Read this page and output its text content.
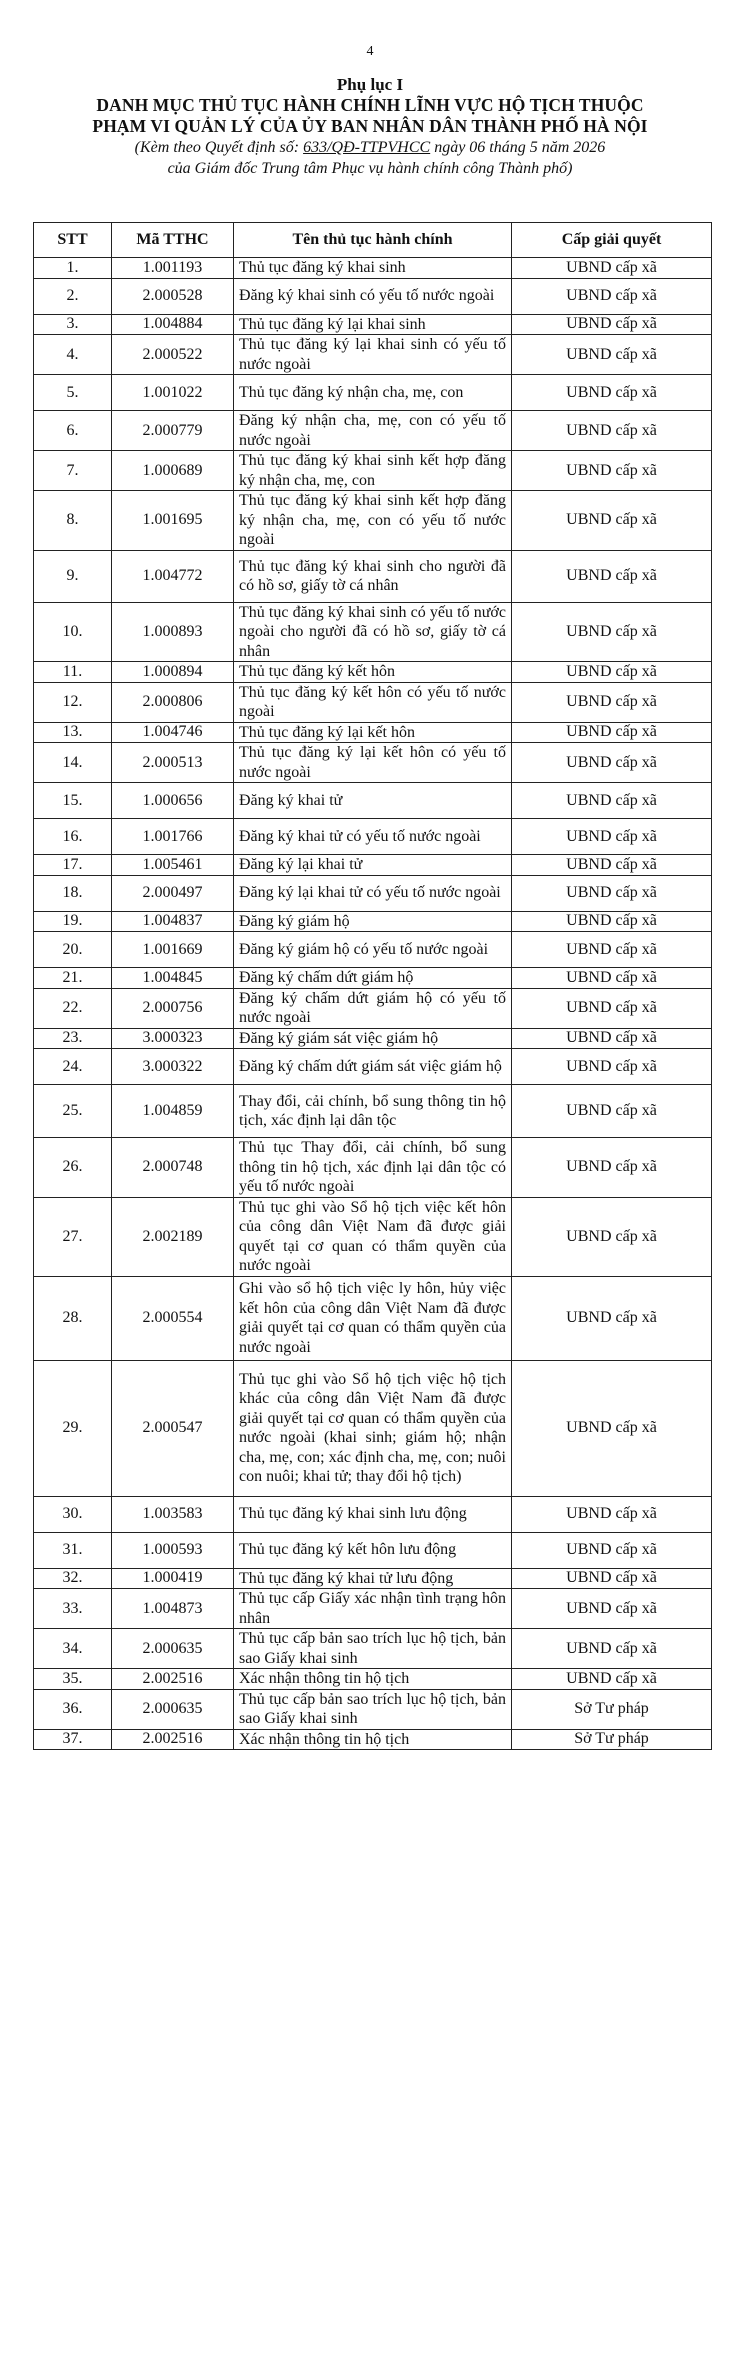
4
Phụ lục I
DANH MỤC THỦ TỤC HÀNH CHÍNH LĨNH VỰC HỘ TỊCH THUỘC
PHẠM VI QUẢN LÝ CỦA ỦY BAN NHÂN DÂN THÀNH PHỐ HÀ NỘI
(Kèm theo Quyết định số: 633/QĐ-TTPVHCC ngày 06 tháng 5 năm 2026
của Giám đốc Trung tâm Phục vụ hành chính công Thành phố)
STT	Mã TTHC	Tên thủ tục hành chính	Cấp giải quyết
1.	1.001193	Thủ tục đăng ký khai sinh	UBND cấp xã
2.	2.000528	Đăng ký khai sinh có yếu tố nước ngoài	UBND cấp xã
3.	1.004884	Thủ tục đăng ký lại khai sinh	UBND cấp xã
4.	2.000522	Thủ tục đăng ký lại khai sinh có yếu tố nước ngoài	UBND cấp xã
5.	1.001022	Thủ tục đăng ký nhận cha, mẹ, con	UBND cấp xã
6.	2.000779	Đăng ký nhận cha, mẹ, con có yếu tố nước ngoài	UBND cấp xã
7.	1.000689	Thủ tục đăng ký khai sinh kết hợp đăng ký nhận cha, mẹ, con	UBND cấp xã
8.	1.001695	Thủ tục đăng ký khai sinh kết hợp đăng ký nhận cha, mẹ, con có yếu tố nước ngoài	UBND cấp xã
9.	1.004772	Thủ tục đăng ký khai sinh cho người đã có hồ sơ, giấy tờ cá nhân	UBND cấp xã
10.	1.000893	Thủ tục đăng ký khai sinh có yếu tố nước ngoài cho người đã có hồ sơ, giấy tờ cá nhân	UBND cấp xã
11.	1.000894	Thủ tục đăng ký kết hôn	UBND cấp xã
12.	2.000806	Thủ tục đăng ký kết hôn có yếu tố nước ngoài	UBND cấp xã
13.	1.004746	Thủ tục đăng ký lại kết hôn	UBND cấp xã
14.	2.000513	Thủ tục đăng ký lại kết hôn có yếu tố nước ngoài	UBND cấp xã
15.	1.000656	Đăng ký khai tử	UBND cấp xã
16.	1.001766	Đăng ký khai tử có yếu tố nước ngoài	UBND cấp xã
17.	1.005461	Đăng ký lại khai tử	UBND cấp xã
18.	2.000497	Đăng ký lại khai tử có yếu tố nước ngoài	UBND cấp xã
19.	1.004837	Đăng ký giám hộ	UBND cấp xã
20.	1.001669	Đăng ký giám hộ có yếu tố nước ngoài	UBND cấp xã
21.	1.004845	Đăng ký chấm dứt giám hộ	UBND cấp xã
22.	2.000756	Đăng ký chấm dứt giám hộ có yếu tố nước ngoài	UBND cấp xã
23.	3.000323	Đăng ký giám sát việc giám hộ	UBND cấp xã
24.	3.000322	Đăng ký chấm dứt giám sát việc giám hộ	UBND cấp xã
25.	1.004859	Thay đổi, cải chính, bổ sung thông tin hộ tịch, xác định lại dân tộc	UBND cấp xã
26.	2.000748	Thủ tục Thay đổi, cải chính, bổ sung thông tin hộ tịch, xác định lại dân tộc có yếu tố nước ngoài	UBND cấp xã
27.	2.002189	Thủ tục ghi vào Sổ hộ tịch việc kết hôn của công dân Việt Nam đã được giải quyết tại cơ quan có thẩm quyền của nước ngoài	UBND cấp xã
28.	2.000554	Ghi vào sổ hộ tịch việc ly hôn, hủy việc kết hôn của công dân Việt Nam đã được giải quyết tại cơ quan có thẩm quyền của nước ngoài	UBND cấp xã
29.	2.000547	Thủ tục ghi vào Sổ hộ tịch việc hộ tịch khác của công dân Việt Nam đã được giải quyết tại cơ quan có thẩm quyền của nước ngoài (khai sinh; giám hộ; nhận cha, mẹ, con; xác định cha, mẹ, con; nuôi con nuôi; khai tử; thay đổi hộ tịch)	UBND cấp xã
30.	1.003583	Thủ tục đăng ký khai sinh lưu động	UBND cấp xã
31.	1.000593	Thủ tục đăng ký kết hôn lưu động	UBND cấp xã
32.	1.000419	Thủ tục đăng ký khai tử lưu động	UBND cấp xã
33.	1.004873	Thủ tục cấp Giấy xác nhận tình trạng hôn nhân	UBND cấp xã
34.	2.000635	Thủ tục cấp bản sao trích lục hộ tịch, bản sao Giấy khai sinh	UBND cấp xã
35.	2.002516	Xác nhận thông tin hộ tịch	UBND cấp xã
36.	2.000635	Thủ tục cấp bản sao trích lục hộ tịch, bản sao Giấy khai sinh	Sở Tư pháp
37.	2.002516	Xác nhận thông tin hộ tịch	Sở Tư pháp
